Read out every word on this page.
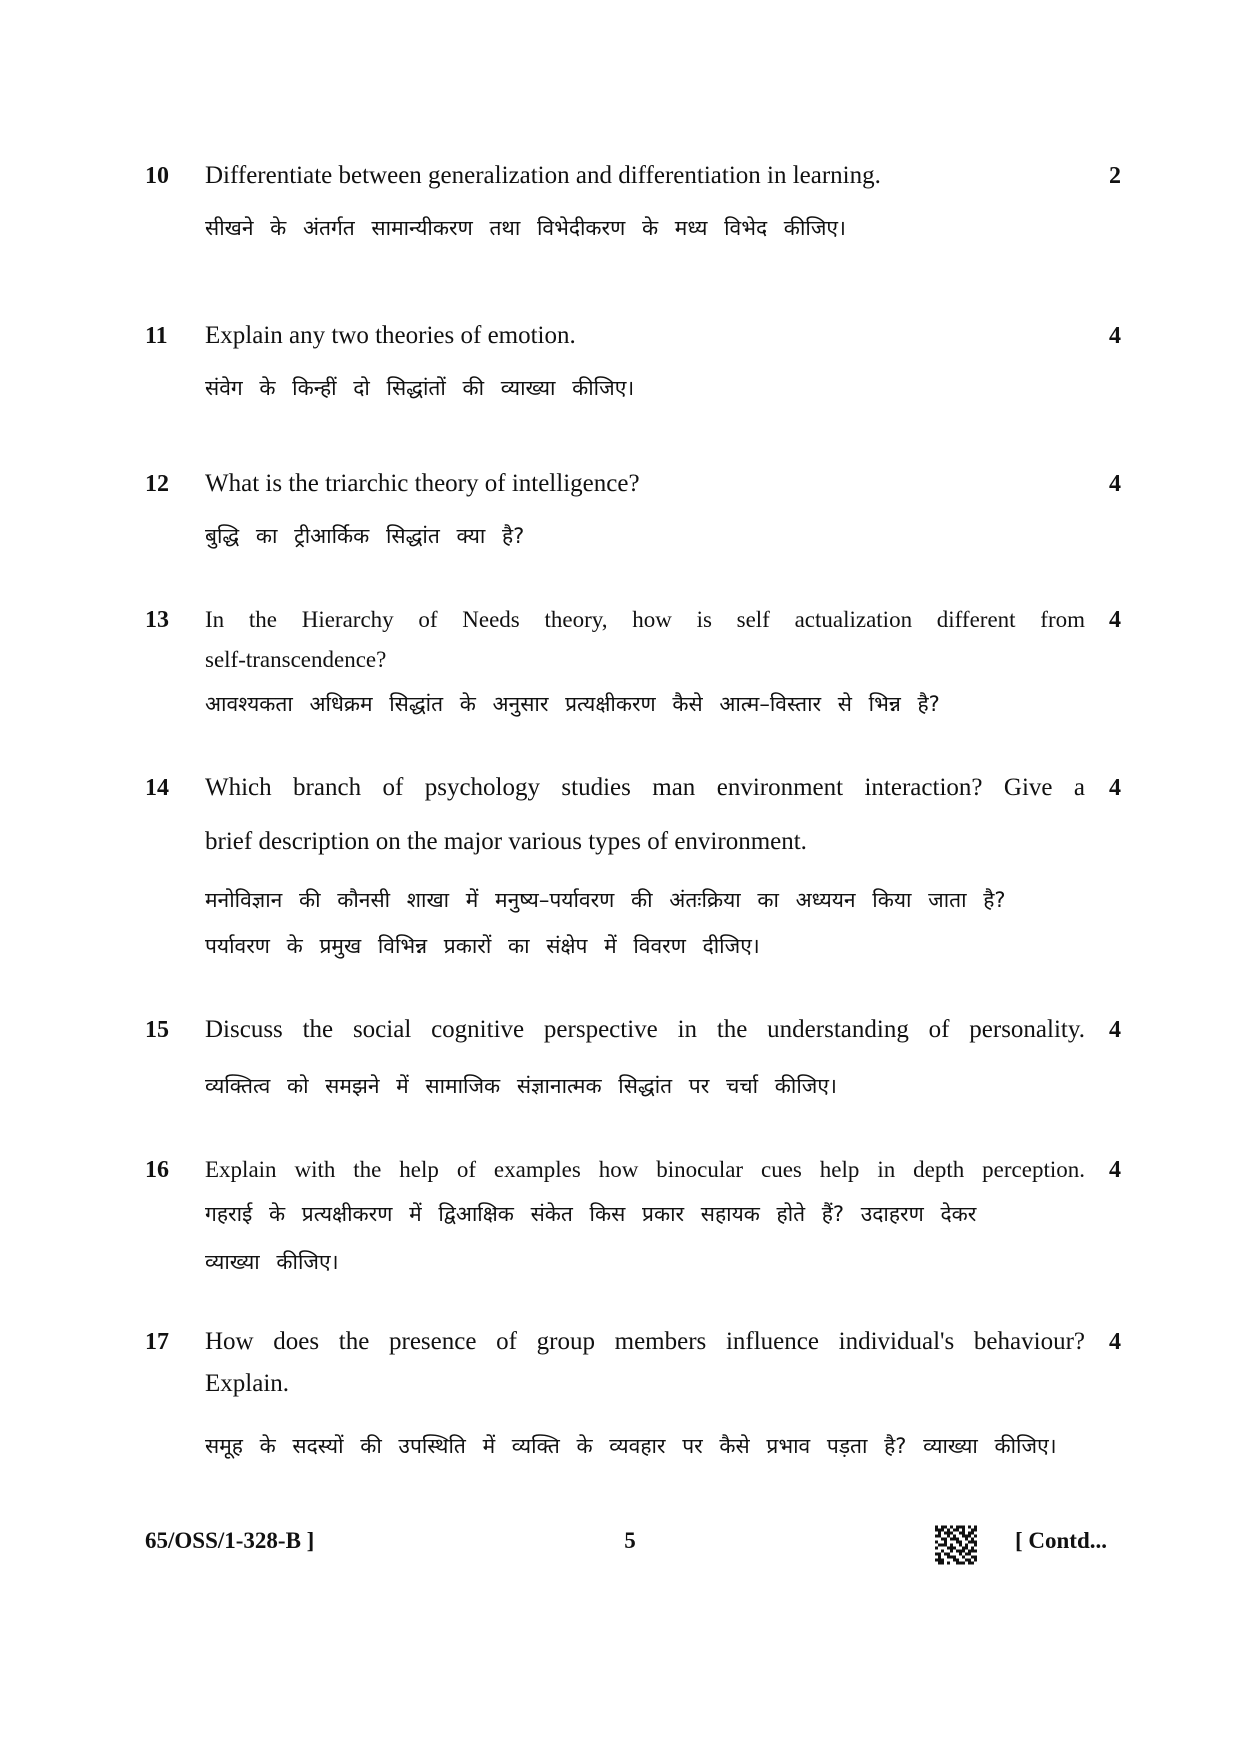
10	2
Differentiate between generalization and differentiation in learning.
सीखने के अंतर्गत सामान्यीकरण तथा विभेदीकरण के मध्य विभेद कीजिए।
11	4
Explain any two theories of emotion.
संवेग के किन्हीं दो सिद्धांतों की व्याख्या कीजिए।
12	4
What is the triarchic theory of intelligence?
बुद्धि का ट्रीआर्किक सिद्धांत क्या है?
13	4
In the Hierarchy of Needs theory, how is self actualization different from
self-transcendence?
आवश्यकता अधिक्रम सिद्धांत के अनुसार प्रत्यक्षीकरण कैसे आत्म–विस्तार से भिन्न है?
14	4
Which branch of psychology studies man environment interaction? Give a
brief description on the major various types of environment.
मनोविज्ञान की कौनसी शाखा में मनुष्य–पर्यावरण की अंतःक्रिया का अध्ययन किया जाता है?
पर्यावरण के प्रमुख विभिन्न प्रकारों का संक्षेप में विवरण दीजिए।
15	4
Discuss the social cognitive perspective in the understanding of personality.
व्यक्तित्व को समझने में सामाजिक संज्ञानात्मक सिद्धांत पर चर्चा कीजिए।
16	4
Explain with the help of examples how binocular cues help in depth perception.
गहराई के प्रत्यक्षीकरण में द्विआक्षिक संकेत किस प्रकार सहायक होते हैं? उदाहरण देकर
व्याख्या कीजिए।
17	4
How does the presence of group members influence individual's behaviour?
Explain.
समूह के सदस्यों की उपस्थिति में व्यक्ति के व्यवहार पर कैसे प्रभाव पड़ता है? व्याख्या कीजिए।
65/OSS/1-328-B ]	5	[ Contd...
